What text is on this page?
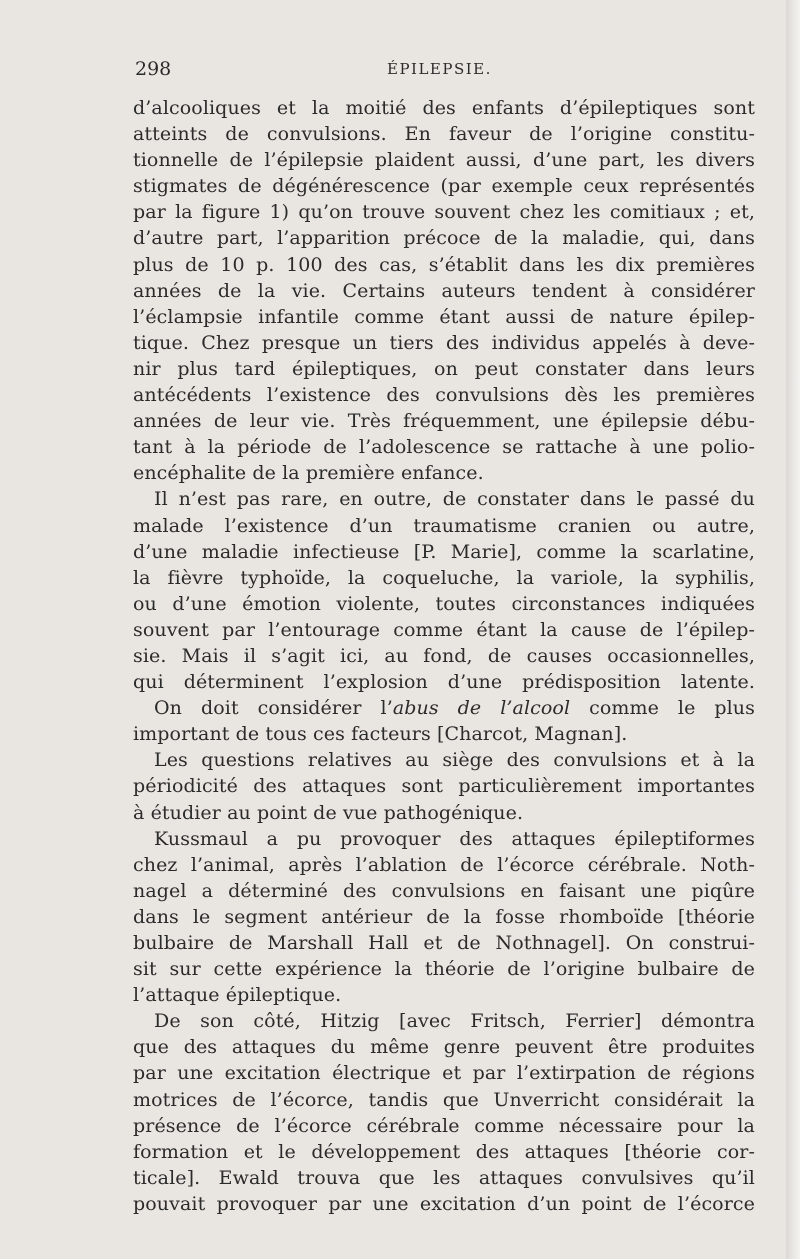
298	ÉPILEPSIE.
d’alcooliques et la moitié des enfants d’épileptiques sont
atteints de convulsions. En faveur de l’origine constitu-
tionnelle de l’épilepsie plaident aussi, d’une part, les divers
stigmates de dégénérescence (par exemple ceux représentés
par la figure 1) qu’on trouve souvent chez les comitiaux ; et,
d’autre part, l’apparition précoce de la maladie, qui, dans
plus de 10 p. 100 des cas, s’établit dans les dix premières
années de la vie. Certains auteurs tendent à considérer
l’éclampsie infantile comme étant aussi de nature épilep-
tique. Chez presque un tiers des individus appelés à deve-
nir plus tard épileptiques, on peut constater dans leurs
antécédents l’existence des convulsions dès les premières
années de leur vie. Très fréquemment, une épilepsie débu-
tant à la période de l’adolescence se rattache à une polio-
encéphalite de la première enfance.
Il n’est pas rare, en outre, de constater dans le passé du
malade l’existence d’un traumatisme cranien ou autre,
d’une maladie infectieuse [P. Marie], comme la scarlatine,
la fièvre typhoïde, la coqueluche, la variole, la syphilis,
ou d’une émotion violente, toutes circonstances indiquées
souvent par l’entourage comme étant la cause de l’épilep-
sie. Mais il s’agit ici, au fond, de causes occasionnelles,
qui déterminent l’explosion d’une prédisposition latente.
On doit considérer l’abus de l’alcool comme le plus
important de tous ces facteurs [Charcot, Magnan].
Les questions relatives au siège des convulsions et à la
périodicité des attaques sont particulièrement importantes
à étudier au point de vue pathogénique.
Kussmaul a pu provoquer des attaques épileptiformes
chez l’animal, après l’ablation de l’écorce cérébrale. Noth-
nagel a déterminé des convulsions en faisant une piqûre
dans le segment antérieur de la fosse rhomboïde [théorie
bulbaire de Marshall Hall et de Nothnagel]. On construi-
sit sur cette expérience la théorie de l’origine bulbaire de
l’attaque épileptique.
De son côté, Hitzig [avec Fritsch, Ferrier] démontra
que des attaques du même genre peuvent être produites
par une excitation électrique et par l’extirpation de régions
motrices de l’écorce, tandis que Unverricht considérait la
présence de l’écorce cérébrale comme nécessaire pour la
formation et le développement des attaques [théorie cor-
ticale]. Ewald trouva que les attaques convulsives qu’il
pouvait provoquer par une excitation d’un point de l’écorce
